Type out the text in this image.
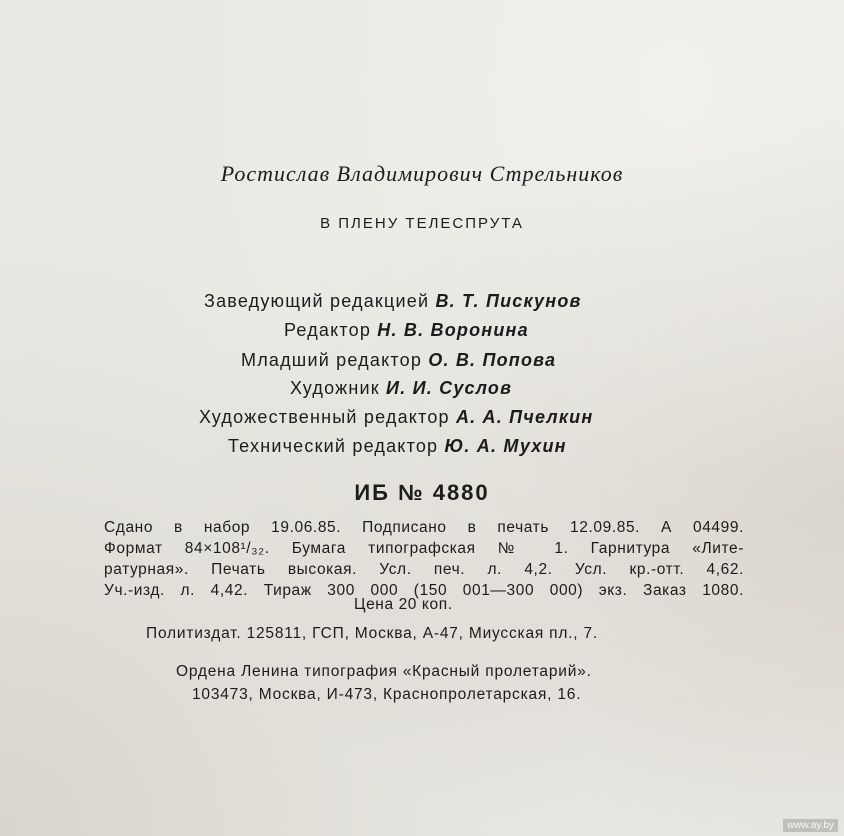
Ростислав Владимирович Стрельников
В ПЛЕНУ ТЕЛЕСПРУТА
Заведующий редакцией В. Т. Пискунов
Редактор Н. В. Воронина
Младший редактор О. В. Попова
Художник И. И. Суслов
Художественный редактор А. А. Пчелкин
Технический редактор Ю. А. Мухин
ИБ № 4880
Сдано в набор 19.06.85. Подписано в печать 12.09.85. А 04499.
Формат 84×108¹/₃₂. Бумага типографская № 1. Гарнитура «Лите-
ратурная». Печать высокая. Усл. печ. л. 4,2. Усл. кр.-отт. 4,62.
Уч.-изд. л. 4,42. Тираж 300 000 (150 001—300 000) экз. Заказ 1080.
Цена 20 коп.
Политиздат. 125811, ГСП, Москва, А-47, Миусская пл., 7.
Ордена Ленина типография «Красный пролетарий».
103473, Москва, И-473, Краснопролетарская, 16.
www.ay.by
